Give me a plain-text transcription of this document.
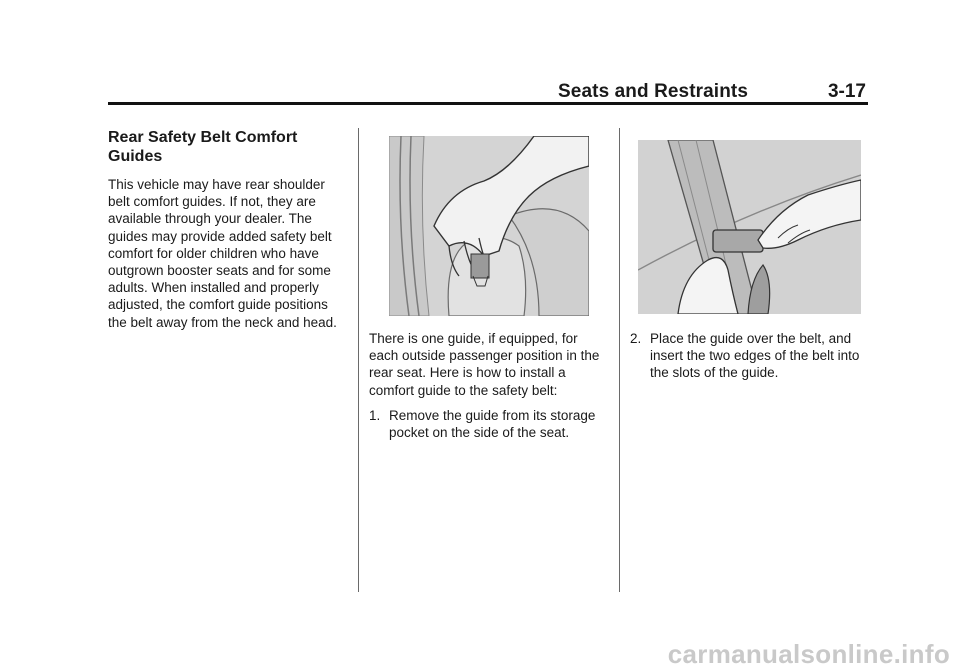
Seats and Restraints	3-17
Rear Safety Belt Comfort Guides

This vehicle may have rear shoulder belt comfort guides. If not, they are available through your dealer. The guides may provide added safety belt comfort for older children who have outgrown booster seats and for some adults. When installed and properly adjusted, the comfort guide positions the belt away from the neck and head.

There is one guide, if equipped, for each outside passenger position in the rear seat. Here is how to install a comfort guide to the safety belt:

1. Remove the guide from its storage pocket on the side of the seat.
2. Place the guide over the belt, and insert the two edges of the belt into the slots of the guide.
carmanualsonline.info
